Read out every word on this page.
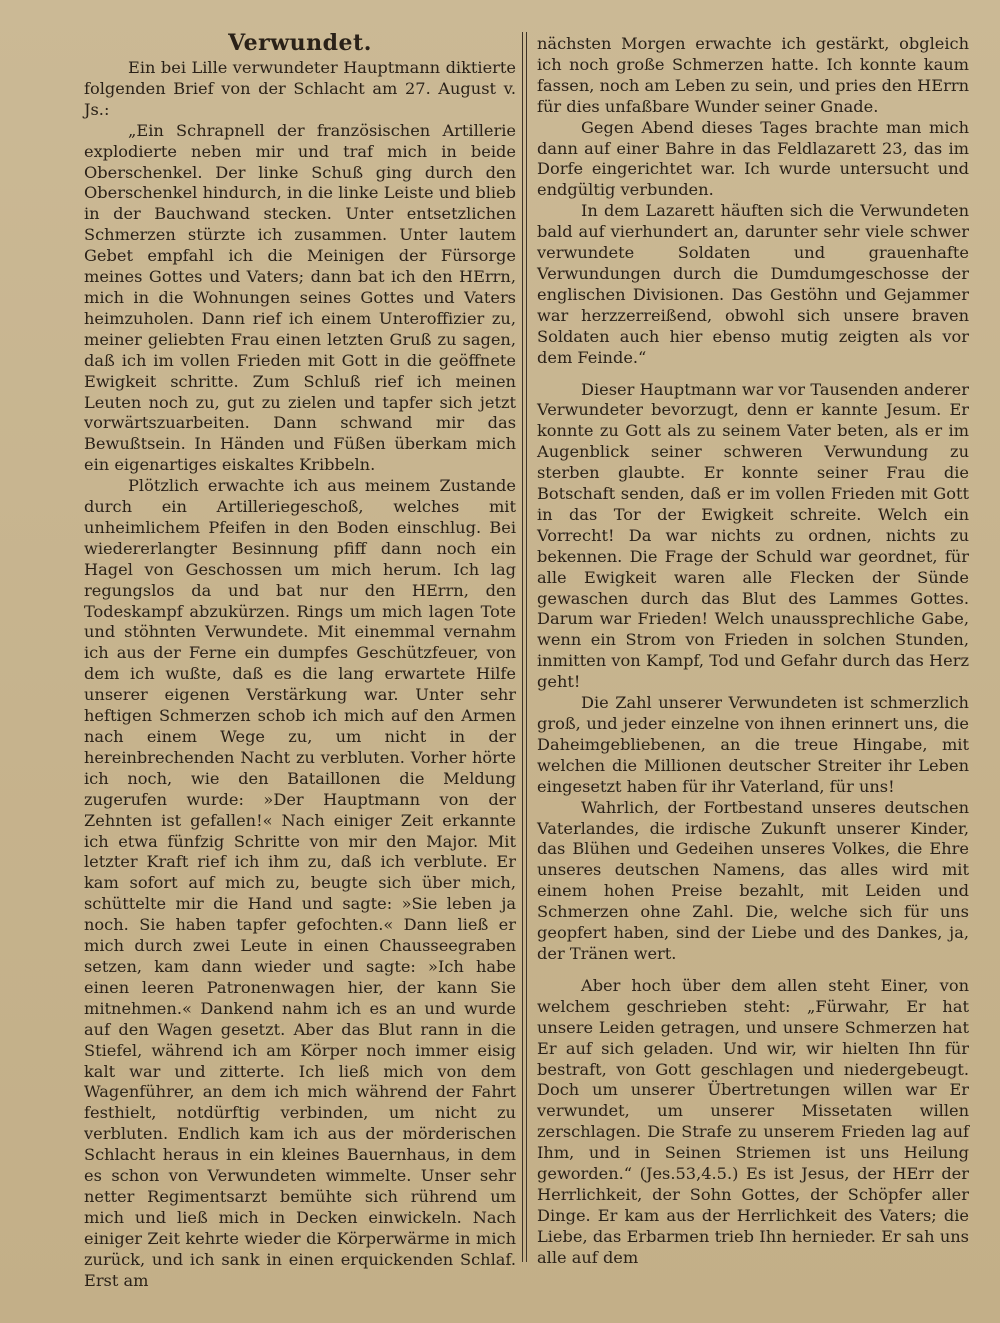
Verwundet.

Ein bei Lille verwundeter Hauptmann diktierte folgenden Brief von der Schlacht am 27. August v. Js.:

„Ein Schrapnell der französischen Artillerie explodierte neben mir und traf mich in beide Oberschenkel. Der linke Schuß ging durch den Oberschenkel hindurch, in die linke Leiste und blieb in der Bauchwand stecken. Unter entsetzlichen Schmerzen stürzte ich zusammen. Unter lautem Gebet empfahl ich die Meinigen der Fürsorge meines Gottes und Vaters; dann bat ich den HErrn, mich in die Wohnungen seines Gottes und Vaters heimzuholen. Dann rief ich einem Unteroffizier zu, meiner geliebten Frau einen letzten Gruß zu sagen, daß ich im vollen Frieden mit Gott in die geöffnete Ewigkeit schritte. Zum Schluß rief ich meinen Leuten noch zu, gut zu zielen und tapfer sich jetzt vorwärtszuarbeiten. Dann schwand mir das Bewußtsein. In Händen und Füßen überkam mich ein eigenartiges eiskaltes Kribbeln.

Plötzlich erwachte ich aus meinem Zustande durch ein Artilleriegeschoß, welches mit unheimlichem Pfeifen in den Boden einschlug. Bei wiedererlangter Besinnung pfiff dann noch ein Hagel von Geschossen um mich herum. Ich lag regungslos da und bat nur den HErrn, den Todeskampf abzukürzen. Rings um mich lagen Tote und stöhnten Verwundete. Mit einemmal vernahm ich aus der Ferne ein dumpfes Geschützfeuer, von dem ich wußte, daß es die lang erwartete Hilfe unserer eigenen Verstärkung war. Unter sehr heftigen Schmerzen schob ich mich auf den Armen nach einem Wege zu, um nicht in der hereinbrechenden Nacht zu verbluten. Vorher hörte ich noch, wie den Bataillonen die Meldung zugerufen wurde: »Der Hauptmann von der Zehnten ist gefallen!« Nach einiger Zeit erkannte ich etwa fünfzig Schritte von mir den Major. Mit letzter Kraft rief ich ihm zu, daß ich verblute. Er kam sofort auf mich zu, beugte sich über mich, schüttelte mir die Hand und sagte: »Sie leben ja noch. Sie haben tapfer gefochten.« Dann ließ er mich durch zwei Leute in einen Chausseegraben setzen, kam dann wieder und sagte: »Ich habe einen leeren Patronenwagen hier, der kann Sie mitnehmen.« Dankend nahm ich es an und wurde auf den Wagen gesetzt. Aber das Blut rann in die Stiefel, während ich am Körper noch immer eisig kalt war und zitterte. Ich ließ mich von dem Wagenführer, an dem ich mich während der Fahrt festhielt, notdürftig verbinden, um nicht zu verbluten. Endlich kam ich aus der mörderischen Schlacht heraus in ein kleines Bauernhaus, in dem es schon von Verwundeten wimmelte. Unser sehr netter Regimentsarzt bemühte sich rührend um mich und ließ mich in Decken einwickeln. Nach einiger Zeit kehrte wieder die Körperwärme in mich zurück, und ich sank in einen erquickenden Schlaf. Erst am

nächsten Morgen erwachte ich gestärkt, obgleich ich noch große Schmerzen hatte. Ich konnte kaum fassen, noch am Leben zu sein, und pries den HErrn für dies unfaßbare Wunder seiner Gnade.

Gegen Abend dieses Tages brachte man mich dann auf einer Bahre in das Feldlazarett 23, das im Dorfe eingerichtet war. Ich wurde untersucht und endgültig verbunden.

In dem Lazarett häuften sich die Verwundeten bald auf vierhundert an, darunter sehr viele schwer verwundete Soldaten und grauenhafte Verwundungen durch die Dumdumgeschosse der englischen Divisionen. Das Gestöhn und Gejammer war herzzerreißend, obwohl sich unsere braven Soldaten auch hier ebenso mutig zeigten als vor dem Feinde.“

Dieser Hauptmann war vor Tausenden anderer Verwundeter bevorzugt, denn er kannte Jesum. Er konnte zu Gott als zu seinem Vater beten, als er im Augenblick seiner schweren Verwundung zu sterben glaubte. Er konnte seiner Frau die Botschaft senden, daß er im vollen Frieden mit Gott in das Tor der Ewigkeit schreite. Welch ein Vorrecht! Da war nichts zu ordnen, nichts zu bekennen. Die Frage der Schuld war geordnet, für alle Ewigkeit waren alle Flecken der Sünde gewaschen durch das Blut des Lammes Gottes. Darum war Frieden! Welch unaussprechliche Gabe, wenn ein Strom von Frieden in solchen Stunden, inmitten von Kampf, Tod und Gefahr durch das Herz geht!

Die Zahl unserer Verwundeten ist schmerzlich groß, und jeder einzelne von ihnen erinnert uns, die Daheimgebliebenen, an die treue Hingabe, mit welchen die Millionen deutscher Streiter ihr Leben eingesetzt haben für ihr Vaterland, für uns!

Wahrlich, der Fortbestand unseres deutschen Vaterlandes, die irdische Zukunft unserer Kinder, das Blühen und Gedeihen unseres Volkes, die Ehre unseres deutschen Namens, das alles wird mit einem hohen Preise bezahlt, mit Leiden und Schmerzen ohne Zahl. Die, welche sich für uns geopfert haben, sind der Liebe und des Dankes, ja, der Tränen wert.

Aber hoch über dem allen steht Einer, von welchem geschrieben steht: „Fürwahr, Er hat unsere Leiden getragen, und unsere Schmerzen hat Er auf sich geladen. Und wir, wir hielten Ihn für bestraft, von Gott geschlagen und niedergebeugt. Doch um unserer Übertretungen willen war Er verwundet, um unserer Missetaten willen zerschlagen. Die Strafe zu unserem Frieden lag auf Ihm, und in Seinen Striemen ist uns Heilung geworden.“ (Jes.53,4.5.) Es ist Jesus, der HErr der Herrlichkeit, der Sohn Gottes, der Schöpfer aller Dinge. Er kam aus der Herrlichkeit des Vaters; die Liebe, das Erbarmen trieb Ihn hernieder. Er sah uns alle auf dem
